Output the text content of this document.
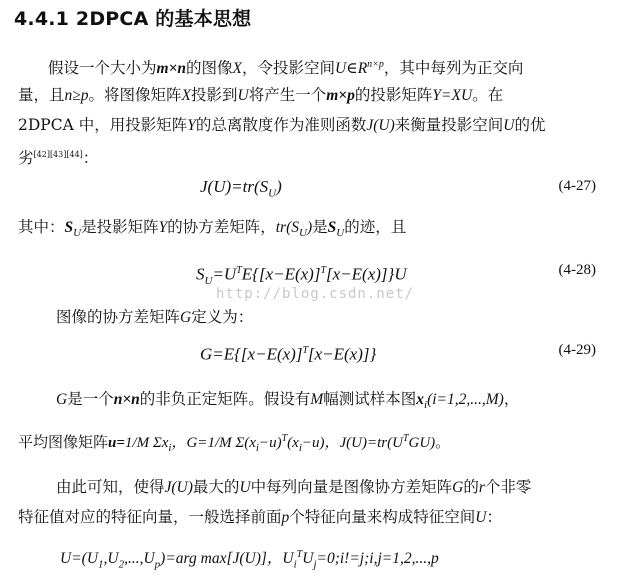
4.4.1 2DPCA 的基本思想
假设一个大小为m×n的图像X，令投影空间$U\in R^{n\times p}$，其中每列为正交向
量，且n≥p。将图像矩阵X投影到U将产生一个m×p的投影矩阵Y=XU。在
2DPCA 中，用投影矩阵Y的总离散度作为准则函数J(U)来衡量投影空间U的优
劣[42][43][44]：
$J(U)=tr(S_U)$	(4-27)
其中：$S_U$是投影矩阵Y的协方差矩阵，$tr(S_U)$是$S_U$的迹，且
$S_U=U^TE\{[x-E(x)]^T[x-E(x)]\}U$	(4-28)
http://blog.csdn.net/
图像的协方差矩阵G定义为：
$G=E\{[x-E(x)]^T[x-E(x)]\}$	(4-29)
G是一个n×n的非负正定矩阵。假设有M幅测试样本图$x_i(i=1,2,...,M)$，
平均图像矩阵u=1/M $\Sigma x_i$，G=1/M $\Sigma(x_i-u)^T(x_i-u)$，$J(U)=tr(U^TGU)$。
由此可知，使得J(U)最大的U中每列向量是图像协方差矩阵G的r个非零
特征值对应的特征向量，一般选择前面p个特征向量来构成特征空间U：
$U=(U_1,U_2,...,U_p)=arg$ max[J(U)]，$U_i^TU_j=0;i!=j;i,j=1,2,...,p$
